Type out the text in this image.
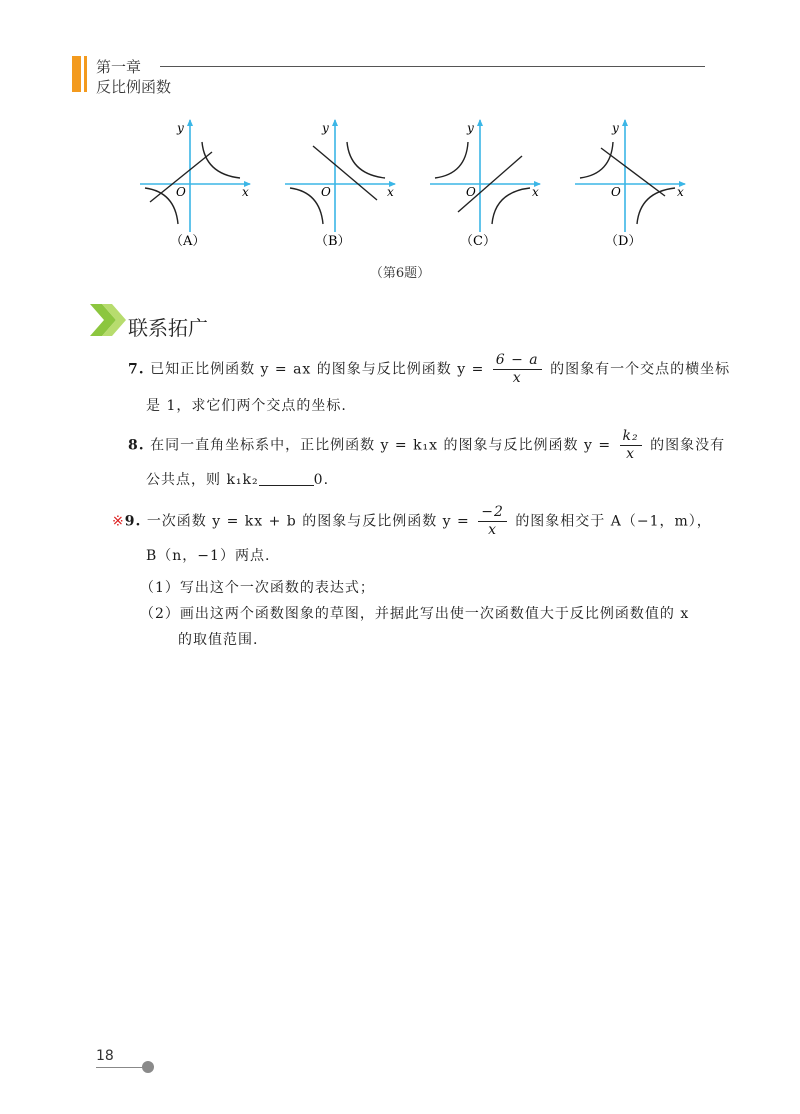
第一章
反比例函数
y
x
O
（A）
y
x
O
（B）
y
x
O
（C）
y
x
O
（D）
（第6题）
联系拓广
7. 已知正比例函数 y = ax 的图象与反比例函数 $y = \frac{6 - a}{x}$ 的图象有一个交点的横坐标
是 1，求它们两个交点的坐标.
8. 在同一直角坐标系中，正比例函数 y = k₁x 的图象与反比例函数 $y = \frac{\text{k₂}}{x}$ 的图象没有
公共点，则 k₁k₂	0.
※9. 一次函数 y = kx + b 的图象与反比例函数 $y = \frac{-2}{x}$ 的图象相交于 A（−1，m），
B（n，−1）两点.
（1）写出这个一次函数的表达式；
（2）画出这两个函数图象的草图，并据此写出使一次函数值大于反比例函数值的 x
的取值范围.
18
